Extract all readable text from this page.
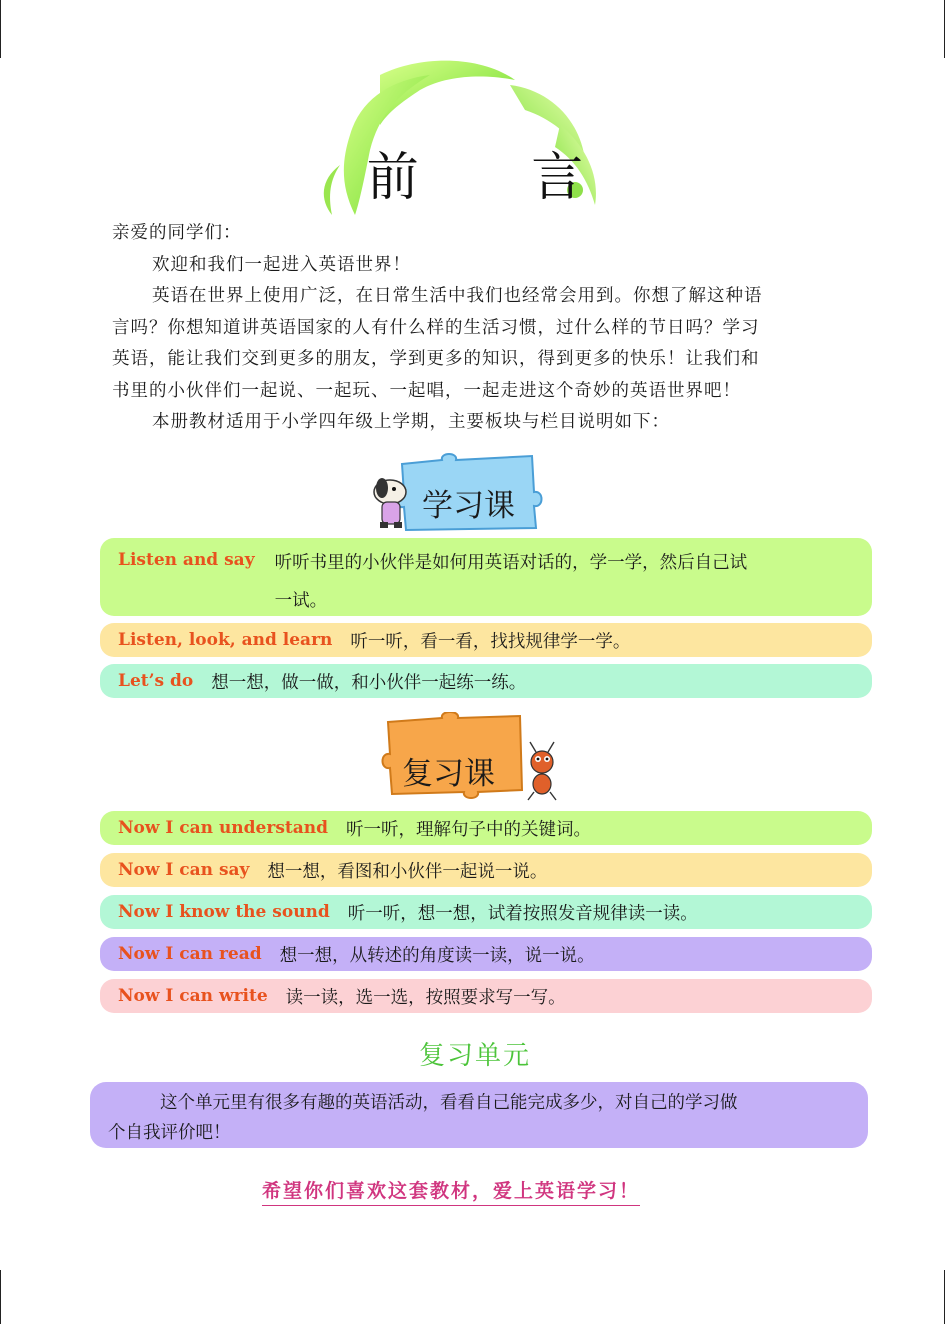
前 言

亲爱的同学们：

欢迎和我们一起进入英语世界！

英语在世界上使用广泛，在日常生活中我们也经常会用到。你想了解这种语

言吗？你想知道讲英语国家的人有什么样的生活习惯，过什么样的节日吗？学习

英语，能让我们交到更多的朋友，学到更多的知识，得到更多的快乐！让我们和

书里的小伙伴们一起说、一起玩、一起唱，一起走进这个奇妙的英语世界吧！

本册教材适用于小学四年级上学期，主要板块与栏目说明如下：

学习课
Listen and say 听听书里的小伙伴是如何用英语对话的，学一学，然后自己试
一试。
Listen, look, and learn 听一听，看一看，找找规律学一学。
Let’s do 想一想，做一做，和小伙伴一起练一练。
复习课
Now I can understand 听一听，理解句子中的关键词。
Now I can say 想一想，看图和小伙伴一起说一说。
Now I know the sound 听一听，想一想，试着按照发音规律读一读。
Now I can read 想一想，从转述的角度读一读，说一说。
Now I can write 读一读，选一选，按照要求写一写。
复习单元
这个单元里有很多有趣的英语活动，看看自己能完成多少，对自己的学习做
个自我评价吧！
希望你们喜欢这套教材，爱上英语学习！
